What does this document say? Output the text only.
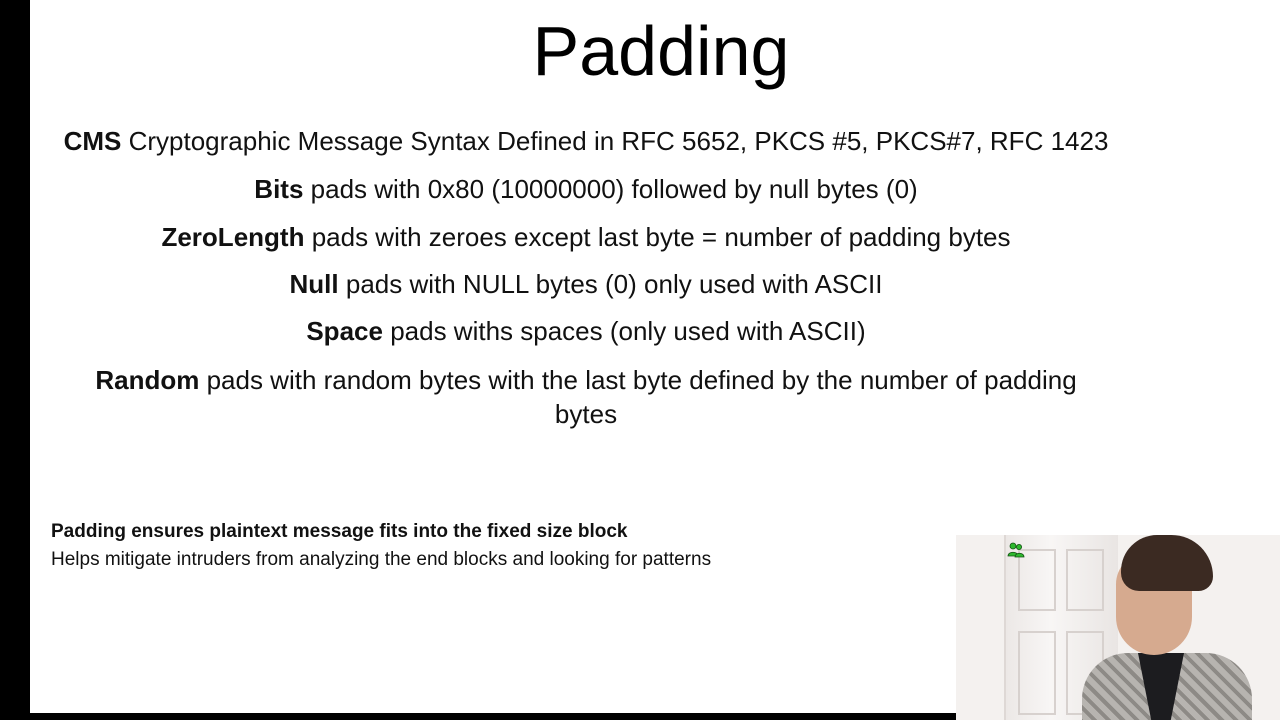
Padding
CMS Cryptographic Message Syntax Defined in RFC 5652, PKCS #5, PKCS#7, RFC 1423
Bits pads with 0x80 (10000000) followed by null bytes (0)
ZeroLength pads with zeroes except last byte = number of padding bytes
Null pads with NULL bytes (0) only used with ASCII
Space pads withs spaces (only used with ASCII)
Random pads with random bytes with the last byte defined by the number of padding bytes
Padding ensures plaintext message fits into the fixed size block
Helps mitigate intruders from analyzing the end blocks and looking for patterns
